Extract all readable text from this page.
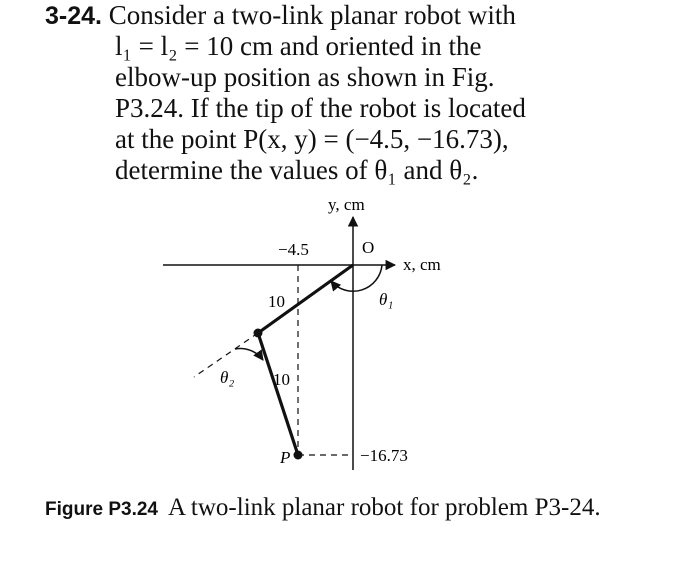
3-24. Consider a two-link planar robot with
l₁ = l₂ = 10 cm and oriented in the
elbow-up position as shown in Fig.
P3.24. If the tip of the robot is located
at the point P(x, y) = (−4.5, −16.73),
determine the values of θ₁ and θ₂.
y, cm
x, cm
O
−4.5
−16.73
10
10
P
θ₁
θ₂
Figure P3.24 A two-link planar robot for problem P3-24.
